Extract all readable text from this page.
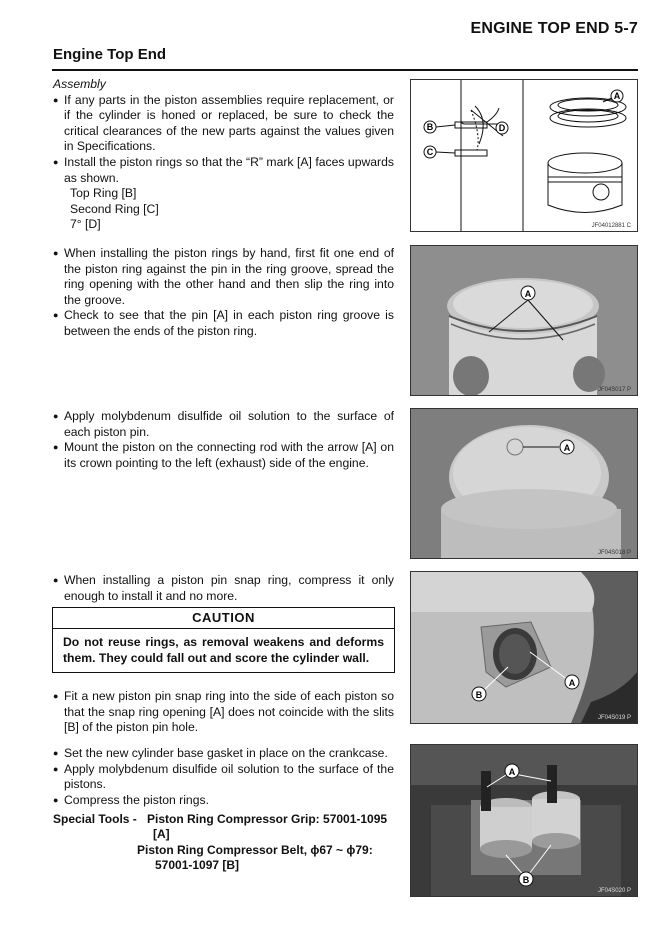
ENGINE TOP END 5-7
Engine Top End
Assembly
● If any parts in the piston assemblies require replacement, or if the cylinder is honed or replaced, be sure to check the critical clearances of the new parts against the values given in Specifications.
● Install the piston rings so that the “R” mark [A] faces upwards as shown.
Top Ring [B]
Second Ring [C]
7° [D]
● When installing the piston rings by hand, first fit one end of the piston ring against the pin in the ring groove, spread the ring opening with the other hand and then slip the ring into the groove.
● Check to see that the pin [A] in each piston ring groove is between the ends of the piston ring.
● Apply molybdenum disulfide oil solution to the surface of each piston pin.
● Mount the piston on the connecting rod with the arrow [A] on its crown pointing to the left (exhaust) side of the engine.
● When installing a piston pin snap ring, compress it only enough to install it and no more.
CAUTION
Do not reuse rings, as removal weakens and deforms them. They could fall out and score the cylinder wall.
● Fit a new piston pin snap ring into the side of each piston so that the snap ring opening [A] does not coincide with the slits [B] of the piston pin hole.
● Set the new cylinder base gasket in place on the crankcase.
● Apply molybdenum disulfide oil solution to the surface of the pistons.
● Compress the piston rings.
Special Tools - Piston Ring Compressor Grip: 57001-1095
[A]
Piston Ring Compressor Belt, ϕ67 ~ ϕ79:
57001-1097 [B]
A
B
C
D
JF04012881 C
A
JF04S017 P
A
JF04S018 P
B
A
JF04S019 P
A
B
JF04S020 P
